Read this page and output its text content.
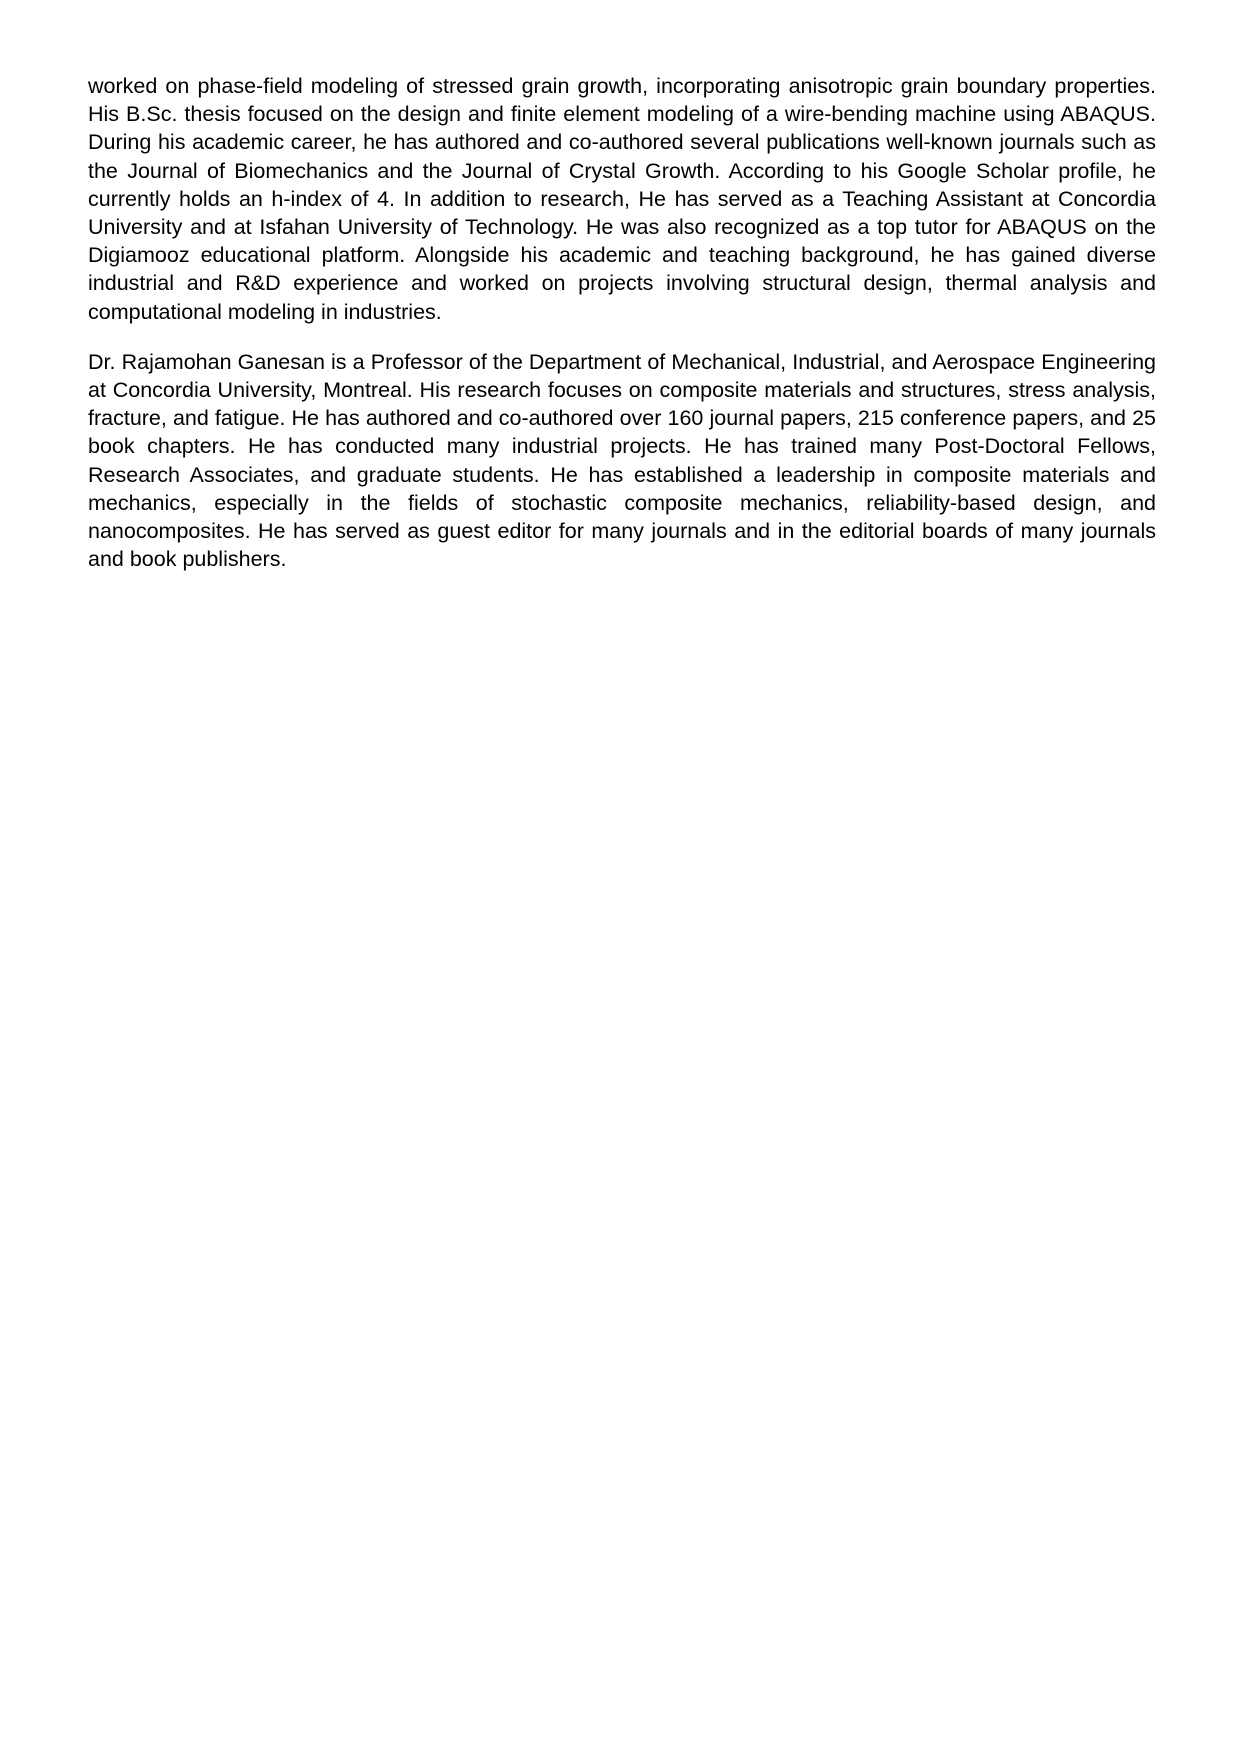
worked on phase-field modeling of stressed grain growth, incorporating anisotropic grain boundary properties. His B.Sc. thesis focused on the design and finite element modeling of a wire-bending machine using ABAQUS. During his academic career, he has authored and co-authored several publications well-known journals such as the Journal of Biomechanics and the Journal of Crystal Growth. According to his Google Scholar profile, he currently holds an h-index of 4. In addition to research, He has served as a Teaching Assistant at Concordia University and at Isfahan University of Technology. He was also recognized as a top tutor for ABAQUS on the Digiamooz educational platform. Alongside his academic and teaching background, he has gained diverse industrial and R&D experience and worked on projects involving structural design, thermal analysis and computational modeling in industries.

Dr. Rajamohan Ganesan is a Professor of the Department of Mechanical, Industrial, and Aerospace Engineering at Concordia University, Montreal. His research focuses on composite materials and structures, stress analysis, fracture, and fatigue. He has authored and co-authored over 160 journal papers, 215 conference papers, and 25 book chapters. He has conducted many industrial projects. He has trained many Post-Doctoral Fellows, Research Associates, and graduate students. He has established a leadership in composite materials and mechanics, especially in the fields of stochastic composite mechanics, reliability-based design, and nanocomposites. He has served as guest editor for many journals and in the editorial boards of many journals and book publishers.
